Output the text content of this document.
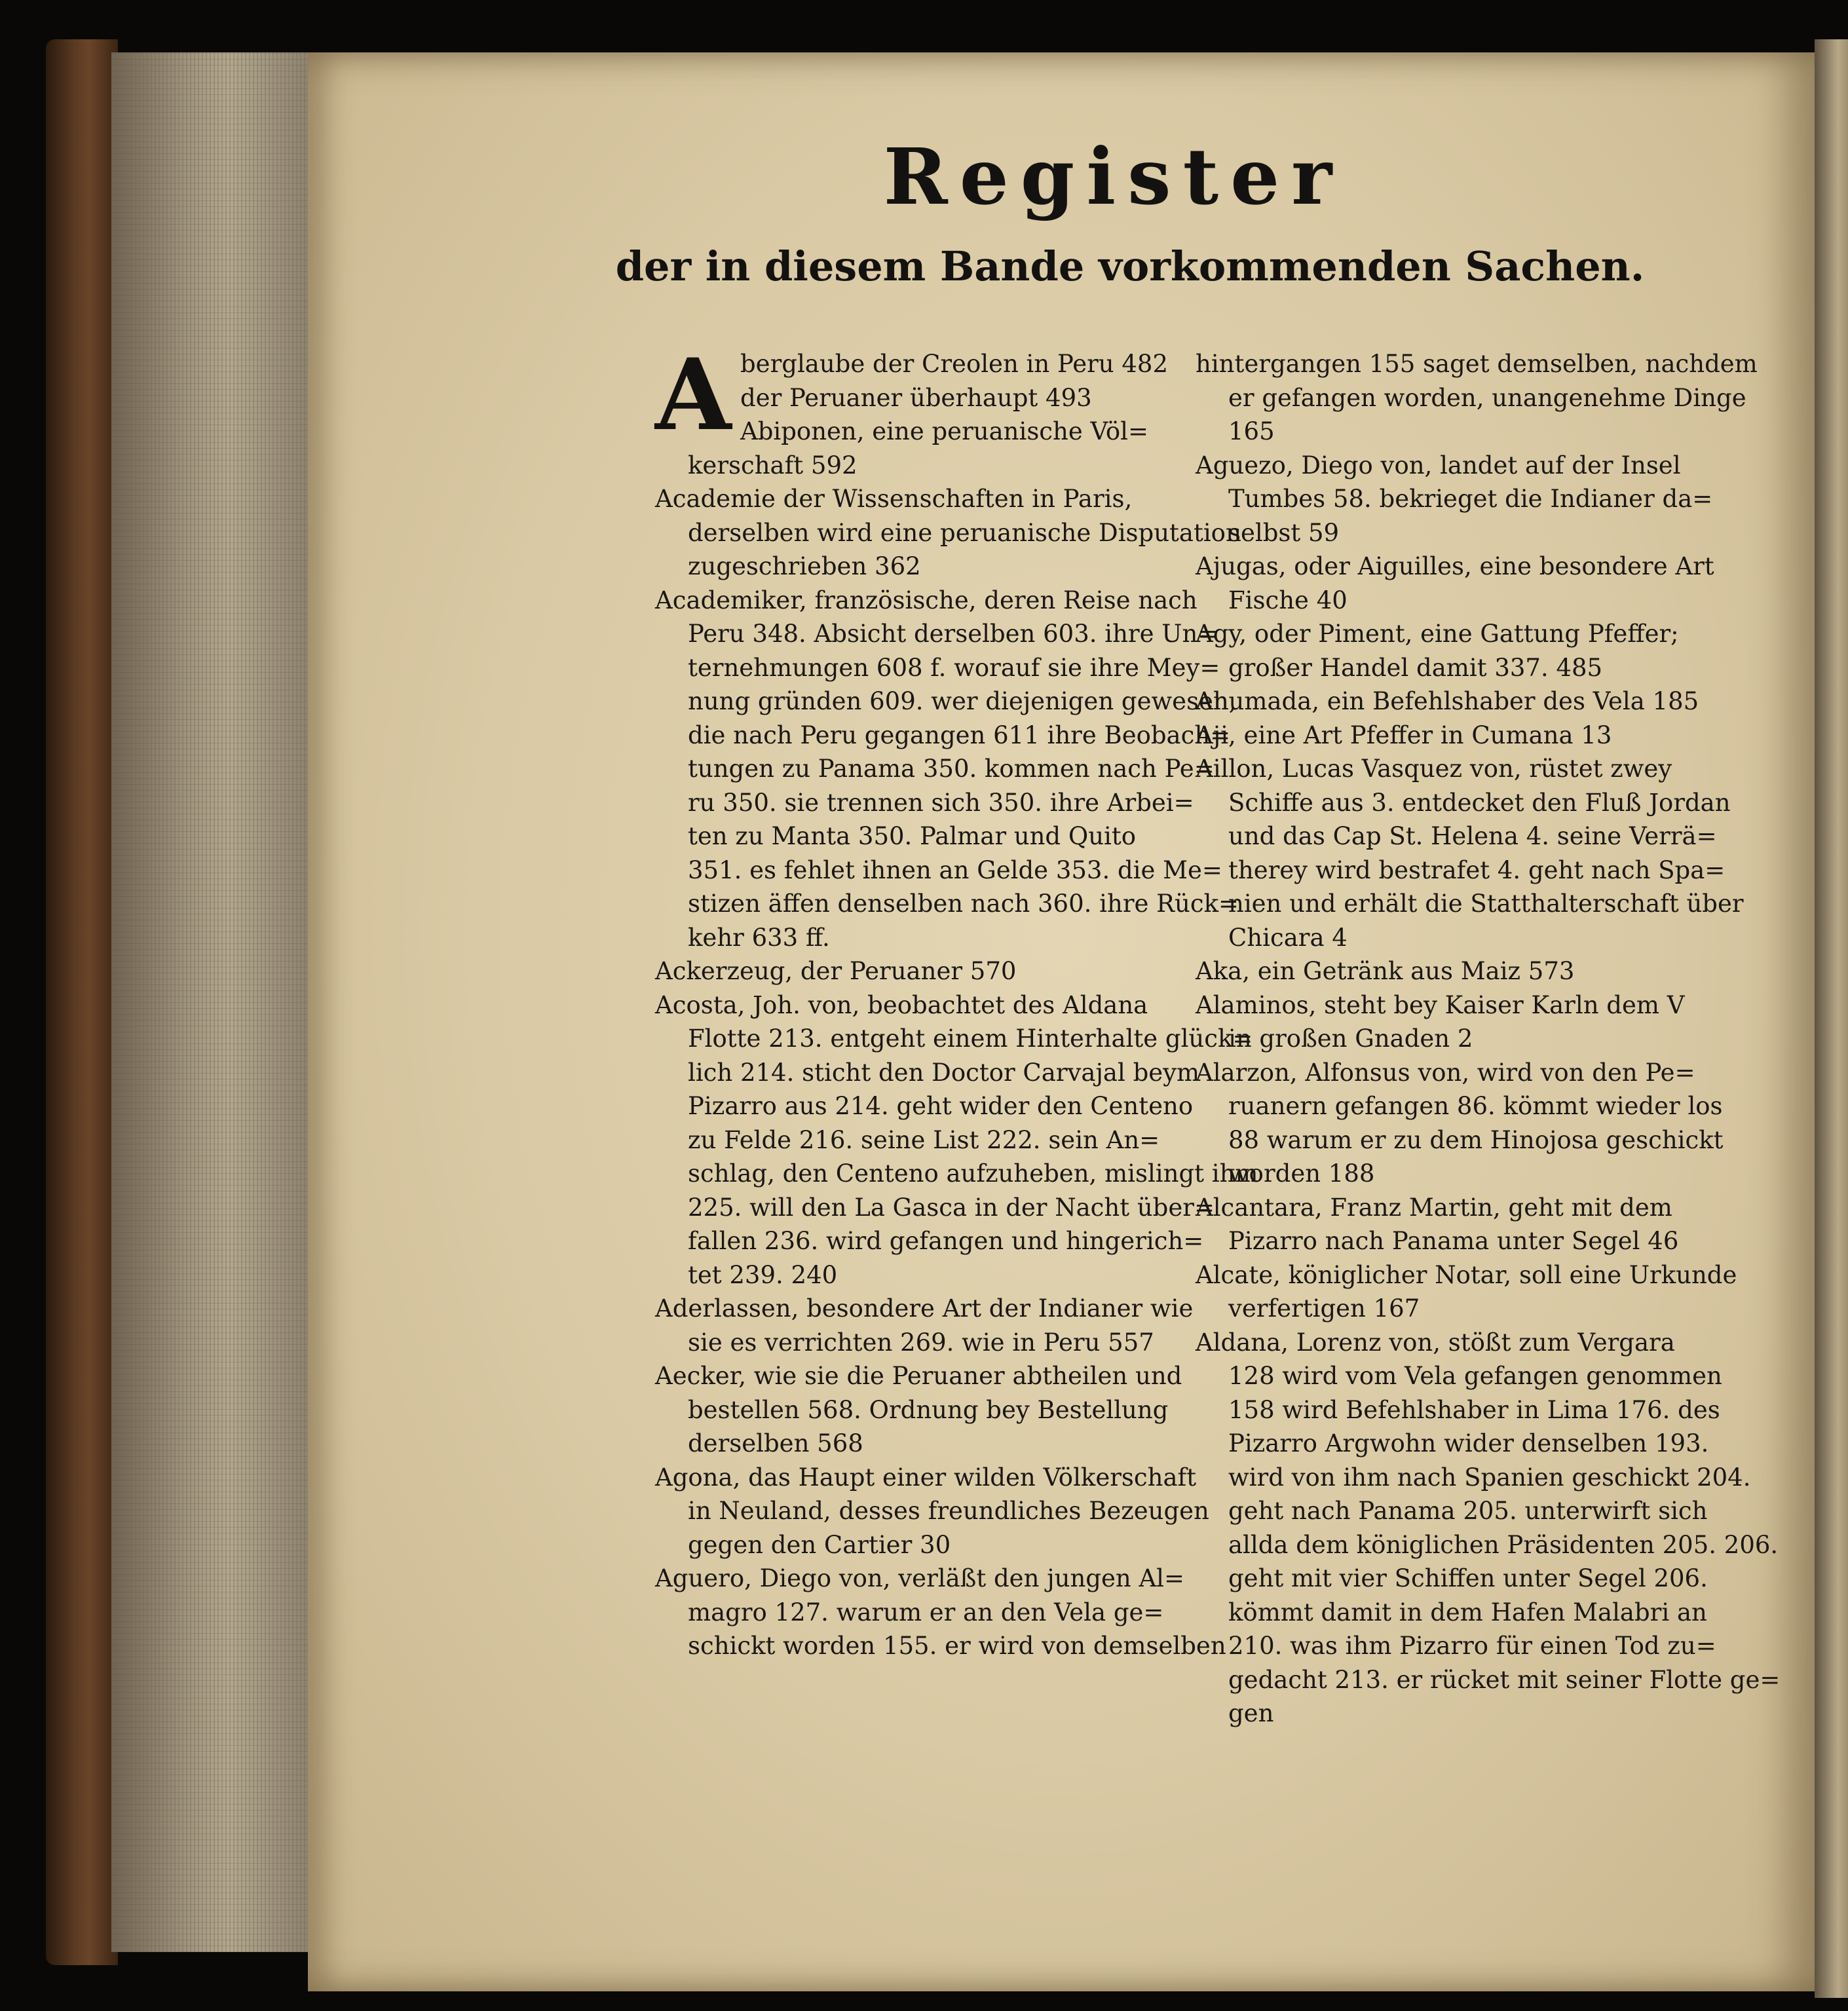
Register
der in diesem Bande vorkommenden Sachen.
A berglaube der Creolen in Peru 482
der Peruaner überhaupt 493
Abiponen, eine peruanische Völ=
kerschaft 592
Academie der Wissenschaften in Paris,
derselben wird eine peruanische Disputation
zugeschrieben 362
Academiker, französische, deren Reise nach
Peru 348. Absicht derselben 603. ihre Un=
ternehmungen 608 f. worauf sie ihre Mey=
nung gründen 609. wer diejenigen gewesen,
die nach Peru gegangen 611 ihre Beobach=
tungen zu Panama 350. kommen nach Pe=
ru 350. sie trennen sich 350. ihre Arbei=
ten zu Manta 350. Palmar und Quito
351. es fehlet ihnen an Gelde 353. die Me=
stizen äffen denselben nach 360. ihre Rück=
kehr 633 ff.
Ackerzeug, der Peruaner 570
Acosta, Joh. von, beobachtet des Aldana
Flotte 213. entgeht einem Hinterhalte glück=
lich 214. sticht den Doctor Carvajal beym
Pizarro aus 214. geht wider den Centeno
zu Felde 216. seine List 222. sein An=
schlag, den Centeno aufzuheben, mislingt ihm
225. will den La Gasca in der Nacht über=
fallen 236. wird gefangen und hingerich=
tet 239. 240
Aderlassen, besondere Art der Indianer wie
sie es verrichten 269. wie in Peru 557
Aecker, wie sie die Peruaner abtheilen und
bestellen 568. Ordnung bey Bestellung
derselben 568
Agona, das Haupt einer wilden Völkerschaft
in Neuland, desses freundliches Bezeugen
gegen den Cartier 30
Aguero, Diego von, verläßt den jungen Al=
magro 127. warum er an den Vela ge=
schickt worden 155. er wird von demselben
hintergangen 155 saget demselben, nachdem
er gefangen worden, unangenehme Dinge
165
Aguezo, Diego von, landet auf der Insel
Tumbes 58. bekrieget die Indianer da=
selbst 59
Ajugas, oder Aiguilles, eine besondere Art
Fische 40
Agy, oder Piment, eine Gattung Pfeffer;
großer Handel damit 337. 485
Ahumada, ein Befehlshaber des Vela 185
Aji, eine Art Pfeffer in Cumana 13
Aillon, Lucas Vasquez von, rüstet zwey
Schiffe aus 3. entdecket den Fluß Jordan
und das Cap St. Helena 4. seine Verrä=
therey wird bestrafet 4. geht nach Spa=
nien und erhält die Statthalterschaft über
Chicara 4
Aka, ein Getränk aus Maiz 573
Alaminos, steht bey Kaiser Karln dem V
in großen Gnaden 2
Alarzon, Alfonsus von, wird von den Pe=
ruanern gefangen 86. kömmt wieder los
88 warum er zu dem Hinojosa geschickt
worden 188
Alcantara, Franz Martin, geht mit dem
Pizarro nach Panama unter Segel 46
Alcate, königlicher Notar, soll eine Urkunde
verfertigen 167
Aldana, Lorenz von, stößt zum Vergara
128 wird vom Vela gefangen genommen
158 wird Befehlshaber in Lima 176. des
Pizarro Argwohn wider denselben 193.
wird von ihm nach Spanien geschickt 204.
geht nach Panama 205. unterwirft sich
allda dem königlichen Präsidenten 205. 206.
geht mit vier Schiffen unter Segel 206.
kömmt damit in dem Hafen Malabri an
210. was ihm Pizarro für einen Tod zu=
gedacht 213. er rücket mit seiner Flotte ge=
gen
